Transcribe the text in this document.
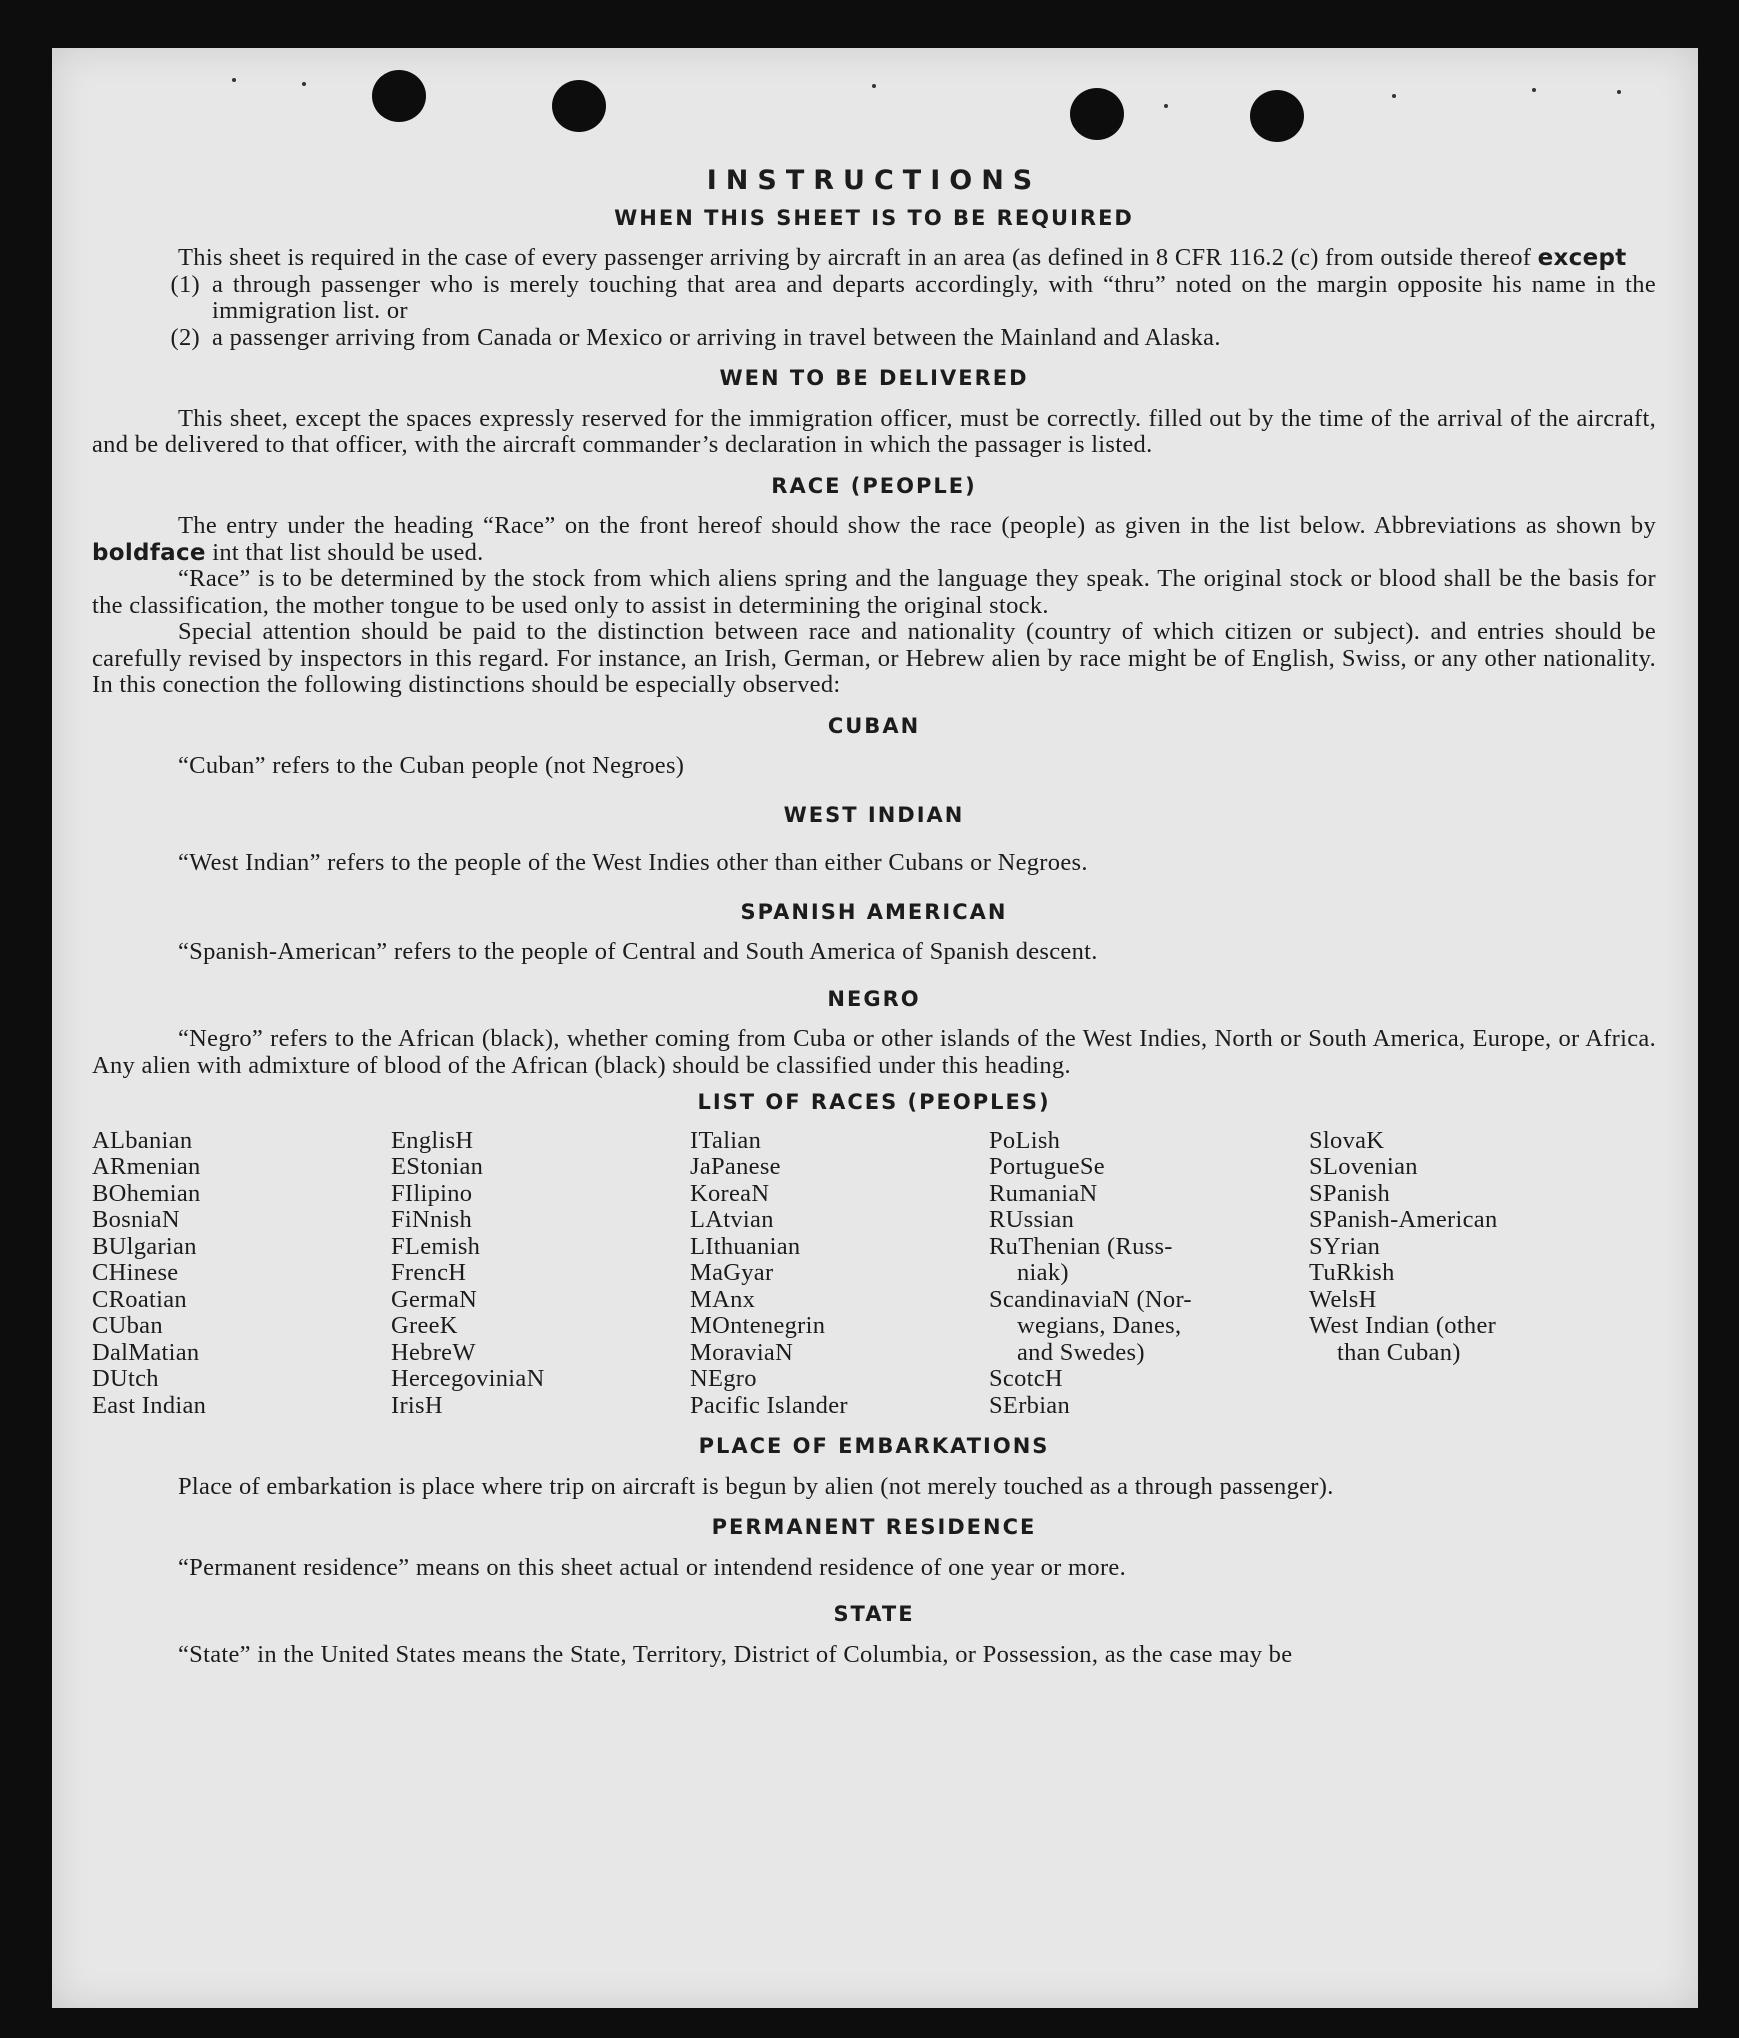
INSTRUCTIONS
WHEN THIS SHEET IS TO BE REQUIRED

This sheet is required in the case of every passenger arriving by aircraft in an area (as defined in 8 CFR 116.2 (c) from outside thereof except

(1) a through passenger who is merely touching that area and departs accordingly, with “thru” noted on the margin opposite his name in the immigration list. or
(2) a passenger arriving from Canada or Mexico or arriving in travel between the Mainland and Alaska.
WEN TO BE DELIVERED

This sheet, except the spaces expressly reserved for the immigration officer, must be correctly. filled out by the time of the arrival of the aircraft, and be delivered to that officer, with the aircraft commander’s declaration in which the passager is listed.

RACE (PEOPLE)

The entry under the heading “Race” on the front hereof should show the race (people) as given in the list below. Abbreviations as shown by boldface int that list should be used.

“Race” is to be determined by the stock from which aliens spring and the language they speak. The original stock or blood shall be the basis for the classification, the mother tongue to be used only to assist in determining the original stock.

Special attention should be paid to the distinction between race and nationality (country of which citizen or subject). and entries should be carefully revised by inspectors in this regard. For instance, an Irish, German, or Hebrew alien by race might be of English, Swiss, or any other nationality. In this conection the following distinctions should be especially observed:

CUBAN

“Cuban” refers to the Cuban people (not Negroes)

WEST INDIAN

“West Indian” refers to the people of the West Indies other than either Cubans or Negroes.

SPANISH AMERICAN

“Spanish-American” refers to the people of Central and South America of Spanish descent.

NEGRO

“Negro” refers to the African (black), whether coming from Cuba or other islands of the West Indies, North or South America, Europe, or Africa. Any alien with admixture of blood of the African (black) should be classified under this heading.

LIST OF RACES (PEOPLES)
ALbanian
ARmenian
BOhemian
BosniaN
BUlgarian
CHinese
CRoatian
CUban
DalMatian
DUtch
East Indian
EnglisH
EStonian
FIlipino
FiNnish
FLemish
FrencH
GermaN
GreeK
HebreW
HercegoviniaN
IrisH
ITalian
JaPanese
KoreaN
LAtvian
LIthuanian
MaGyar
MAnx
MOntenegrin
MoraviaN
NEgro
Pacific Islander
PoLish
PortugueSe
RumaniaN
RUssian
RuThenian (Russ-
niak)
ScandinaviaN (Nor-
wegians, Danes,
and Swedes)
ScotcH
SErbian
SlovaK
SLovenian
SPanish
SPanish-American
SYrian
TuRkish
WelsH
West Indian (other
than Cuban)
PLACE OF EMBARKATIONS

Place of embarkation is place where trip on aircraft is begun by alien (not merely touched as a through passenger).

PERMANENT RESIDENCE

“Permanent residence” means on this sheet actual or intendend residence of one year or more.

STATE

“State” in the United States means the State, Territory, District of Columbia, or Possession, as the case may be
